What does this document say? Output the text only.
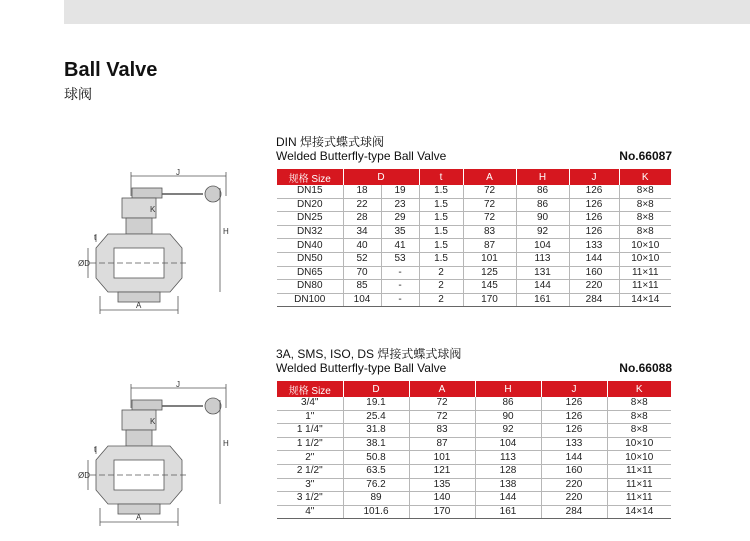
Ball Valve
球阀
DIN 焊接式蝶式球阀
Welded Butterfly-type Ball Valve	No.66087
规格 Size	D		t	A	H	J	K
DN15	18	19	1.5	72	86	126	8×8
DN20	22	23	1.5	72	86	126	8×8
DN25	28	29	1.5	72	90	126	8×8
DN32	34	35	1.5	83	92	126	8×8
DN40	40	41	1.5	87	104	133	10×10
DN50	52	53	1.5	101	113	144	10×10
DN65	70	-	2	125	131	160	11×11
DN80	85	-	2	145	144	220	11×11
DN100	104	-	2	170	161	284	14×14
J
K
H
t
ØD
A
3A, SMS, ISO, DS 焊接式蝶式球阀
Welded Butterfly-type Ball Valve	No.66088
规格 Size	D	A	H	J	K
3/4"	19.1	72	86	126	8×8
1"	25.4	72	90	126	8×8
1 1/4"	31.8	83	92	126	8×8
1 1/2"	38.1	87	104	133	10×10
2"	50.8	101	113	144	10×10
2 1/2"	63.5	121	128	160	11×11
3"	76.2	135	138	220	11×11
3 1/2"	89	140	144	220	11×11
4"	101.6	170	161	284	14×14
J
K
H
t
ØD
A
